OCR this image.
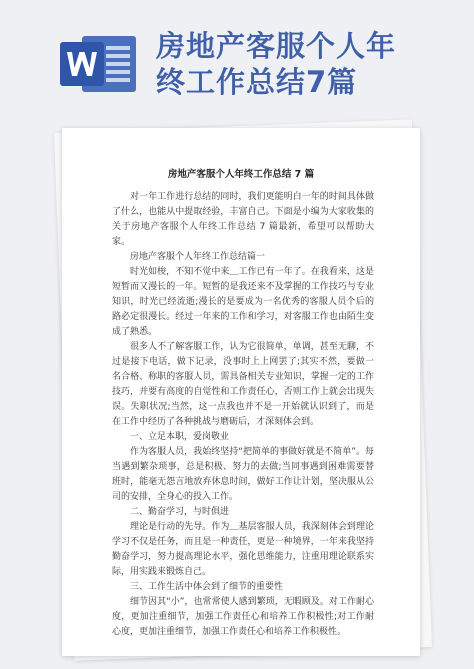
房地产客服个人年
终工作总结7篇
房地产客服个人年终工作总结 7 篇

对一年工作进行总结的同时，我们更能明白一年的时间具体做了什么，也能从中提取经验，丰富自己。下面是小编为大家收集的关于房地产客服个人年终工作总结 7 篇最新，希望可以帮助大家。

房地产客服个人年终工作总结篇一

时光如梭，不知不觉中来＿工作已有一年了。在我看来，这是短暂而又漫长的一年。短暂的是我还来不及掌握的工作技巧与专业知识，时光已经流逝;漫长的是要成为一名优秀的客服人员个后的路必定很漫长。经过一年来的工作和学习，对客服工作也由陌生变成了熟悉。

很多人不了解客服工作，认为它很简单，单调，甚至无聊，不过是接下电话，做下记录，没事时上上网罢了;其实不然，要做一名合格、称职的客服人员，需具备相关专业知识，掌握一定的工作技巧，并要有高度的自觉性和工作责任心，否则工作上就会出现失误。失职状况;当然，这一点我也并不是一开始就认识到了，而是在工作中经历了各种挑战与磨砺后，才深刻体会到。

一、立足本职，爱岗敬业

作为客服人员，我始终坚持“把简单的事做好就是不简单”。每当遇到繁杂琐事，总是积极、努力的去做;当同事遇到困难需要替班时，能毫无怨言地放弃休息时间，做好工作让计划，坚决服从公司的安排，全身心的投入工作。

二、勤奋学习，与时俱进

理论是行动的先导。作为＿基层客服人员，我深刻体会到理论学习不仅是任务，而且是一种责任，更是一种境界，一年来我坚持勤奋学习，努力提高理论水平，强化思维能力，注重用理论联系实际，用实践来锻炼自己。

三、工作生活中体会到了细节的重要性

细节因其“小”，也常常使人感到繁琐，无暇顾及。对工作耐心度，更加注重细节，加强工作责任心和培养工作积极性;对工作耐心度，更加注重细节，加强工作责任心和培养工作积极性。
